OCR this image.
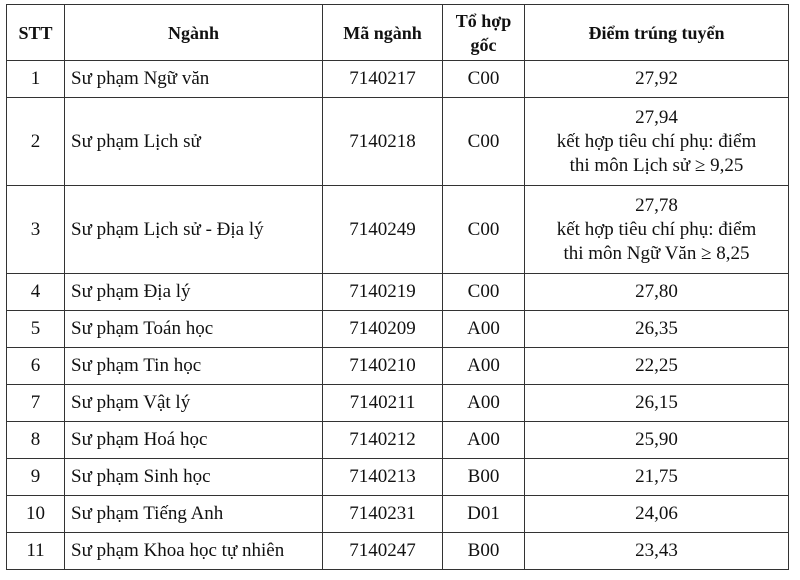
STT	Ngành	Mã ngành	Tổ hợp gốc	Điểm trúng tuyển
1	Sư phạm Ngữ văn	7140217	C00	27,92
2	Sư phạm Lịch sử	7140218	C00	27,94
kết hợp tiêu chí phụ: điểm
thi môn Lịch sử ≥ 9,25

3	Sư phạm Lịch sử - Địa lý	7140249	C00	27,78
kết hợp tiêu chí phụ: điểm
thi môn Ngữ Văn ≥ 8,25

4	Sư phạm Địa lý	7140219	C00	27,80
5	Sư phạm Toán học	7140209	A00	26,35
6	Sư phạm Tin học	7140210	A00	22,25
7	Sư phạm Vật lý	7140211	A00	26,15
8	Sư phạm Hoá học	7140212	A00	25,90
9	Sư phạm Sinh học	7140213	B00	21,75
10	Sư phạm Tiếng Anh	7140231	D01	24,06
11	Sư phạm Khoa học tự nhiên	7140247	B00	23,43
